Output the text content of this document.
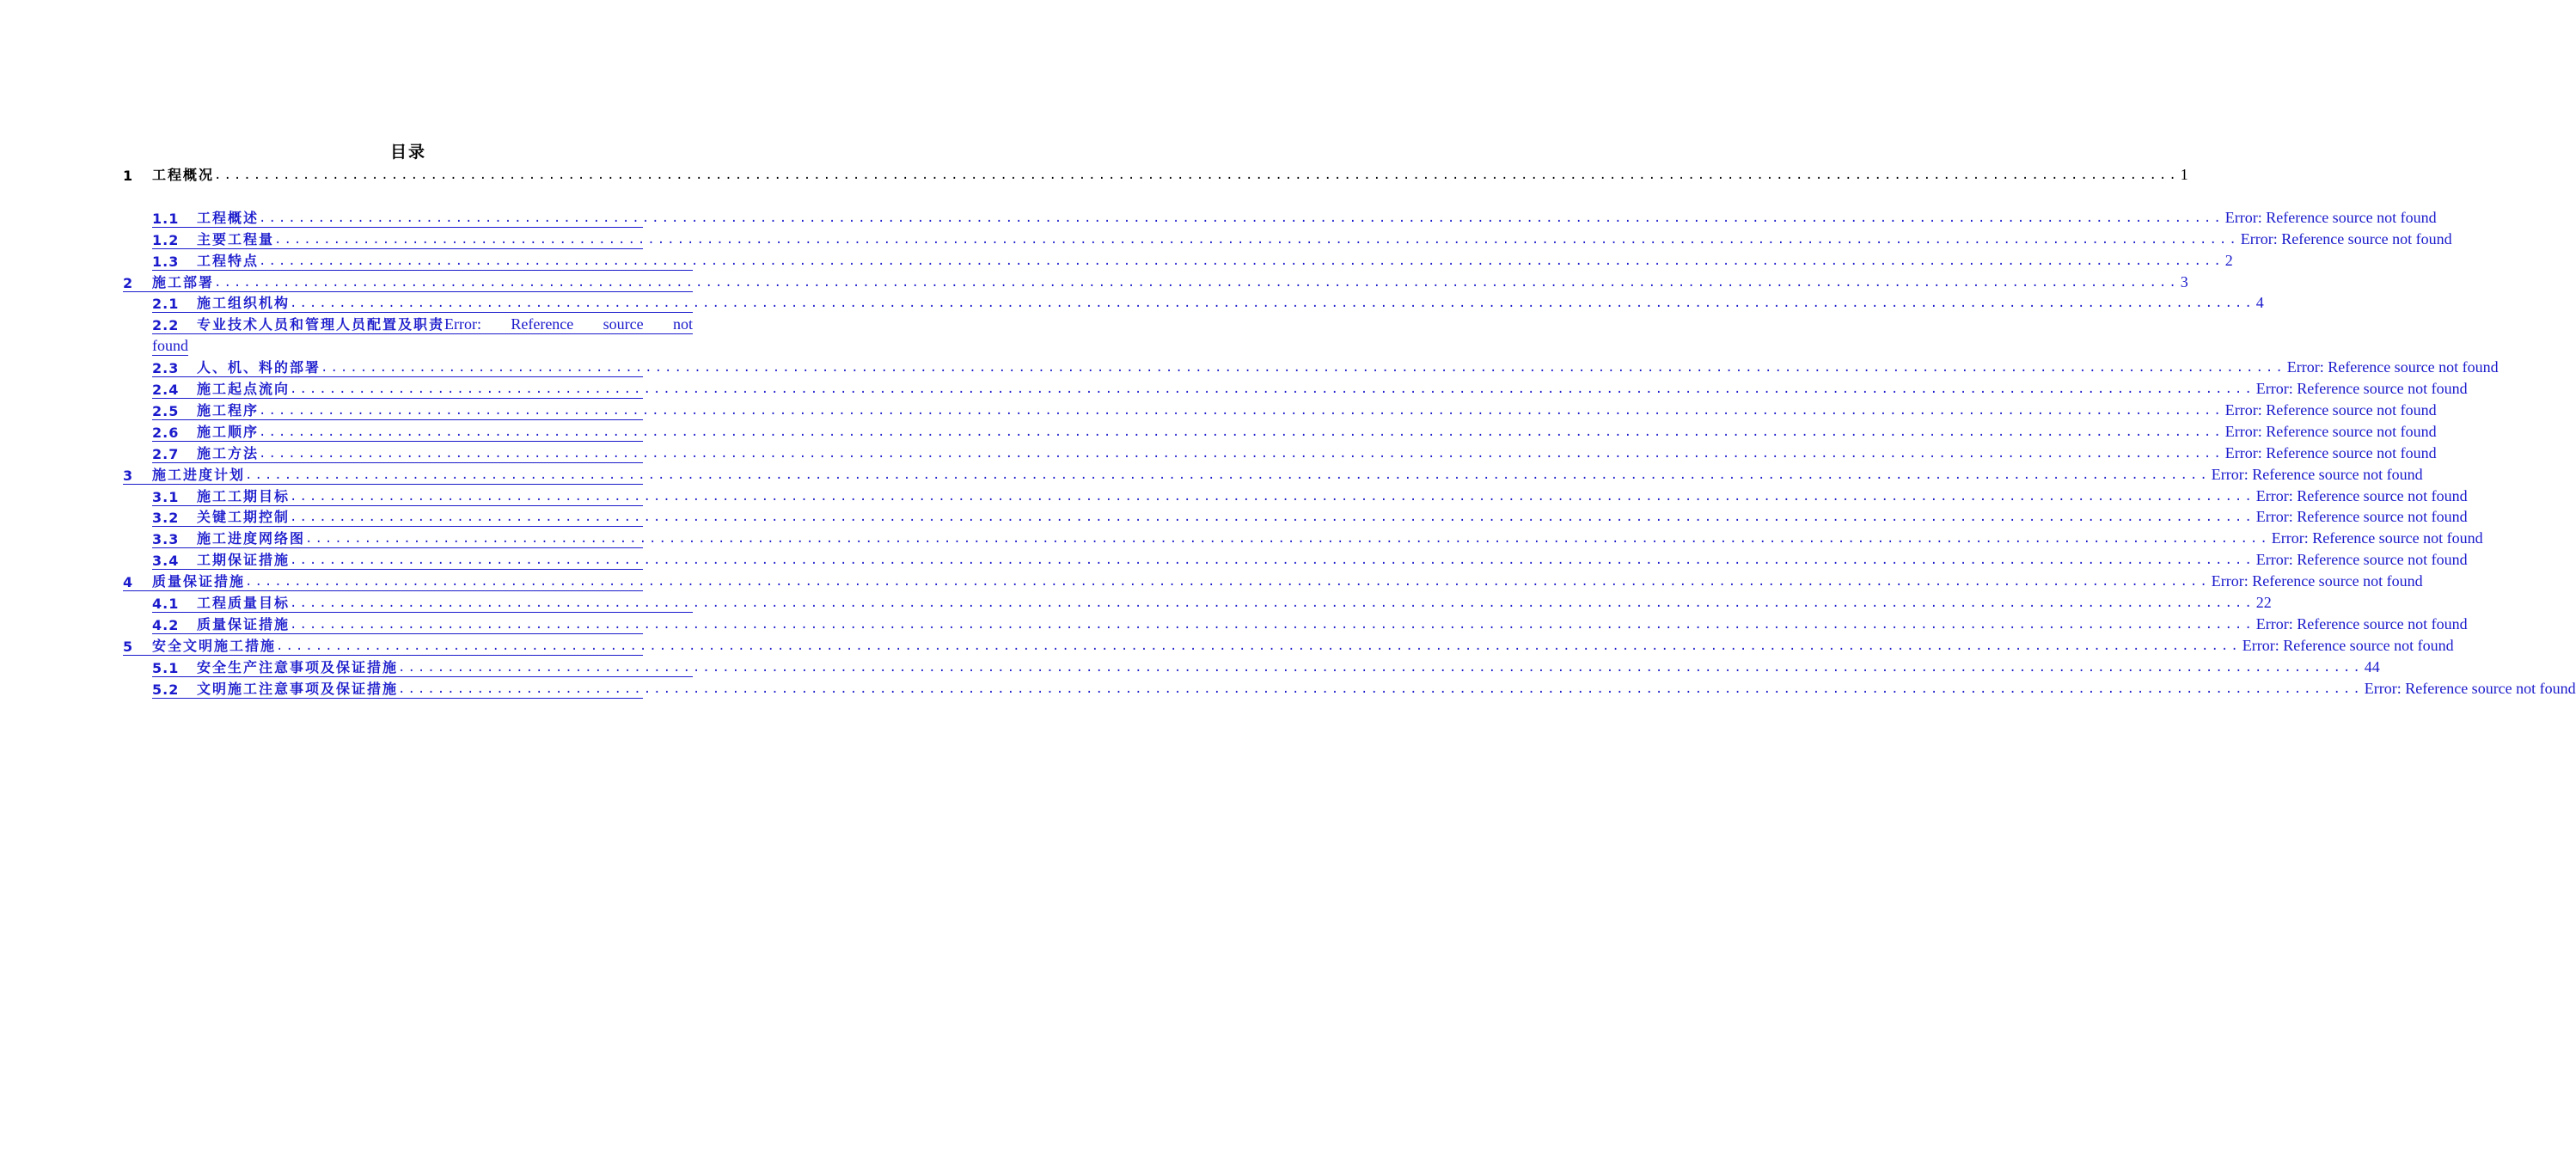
目录
1	工程概况 ........................................................................................................................................................................................................ 1
1.1	工程概述 ........................................................................................................................................................................................................ Error: Reference source not found
1.2	主要工程量 ........................................................................................................................................................................................................ Error: Reference source not found
1.3	工程特点 ........................................................................................................................................................................................................ 2
2	施工部署 ........................................................................................................................................................................................................ 3
2.1	施工组织机构 ........................................................................................................................................................................................................ 4
2.2	专业技术人员和管理人员配置及职责 Error: Reference source not
found
2.3	人、机、料的部署 ........................................................................................................................................................................................................ Error: Reference source not found
2.4	施工起点流向 ........................................................................................................................................................................................................ Error: Reference source not found
2.5	施工程序 ........................................................................................................................................................................................................ Error: Reference source not found
2.6	施工顺序 ........................................................................................................................................................................................................ Error: Reference source not found
2.7	施工方法 ........................................................................................................................................................................................................ Error: Reference source not found
3	施工进度计划 ........................................................................................................................................................................................................ Error: Reference source not found
3.1	施工工期目标 ........................................................................................................................................................................................................ Error: Reference source not found
3.2	关键工期控制 ........................................................................................................................................................................................................ Error: Reference source not found
3.3	施工进度网络图 ........................................................................................................................................................................................................ Error: Reference source not found
3.4	工期保证措施 ........................................................................................................................................................................................................ Error: Reference source not found
4	质量保证措施 ........................................................................................................................................................................................................ Error: Reference source not found
4.1	工程质量目标 ........................................................................................................................................................................................................ 22
4.2	质量保证措施 ........................................................................................................................................................................................................ Error: Reference source not found
5	安全文明施工措施 ........................................................................................................................................................................................................ Error: Reference source not found
5.1	安全生产注意事项及保证措施 ........................................................................................................................................................................................................ 44
5.2	文明施工注意事项及保证措施 ........................................................................................................................................................................................................ Error: Reference source not found
